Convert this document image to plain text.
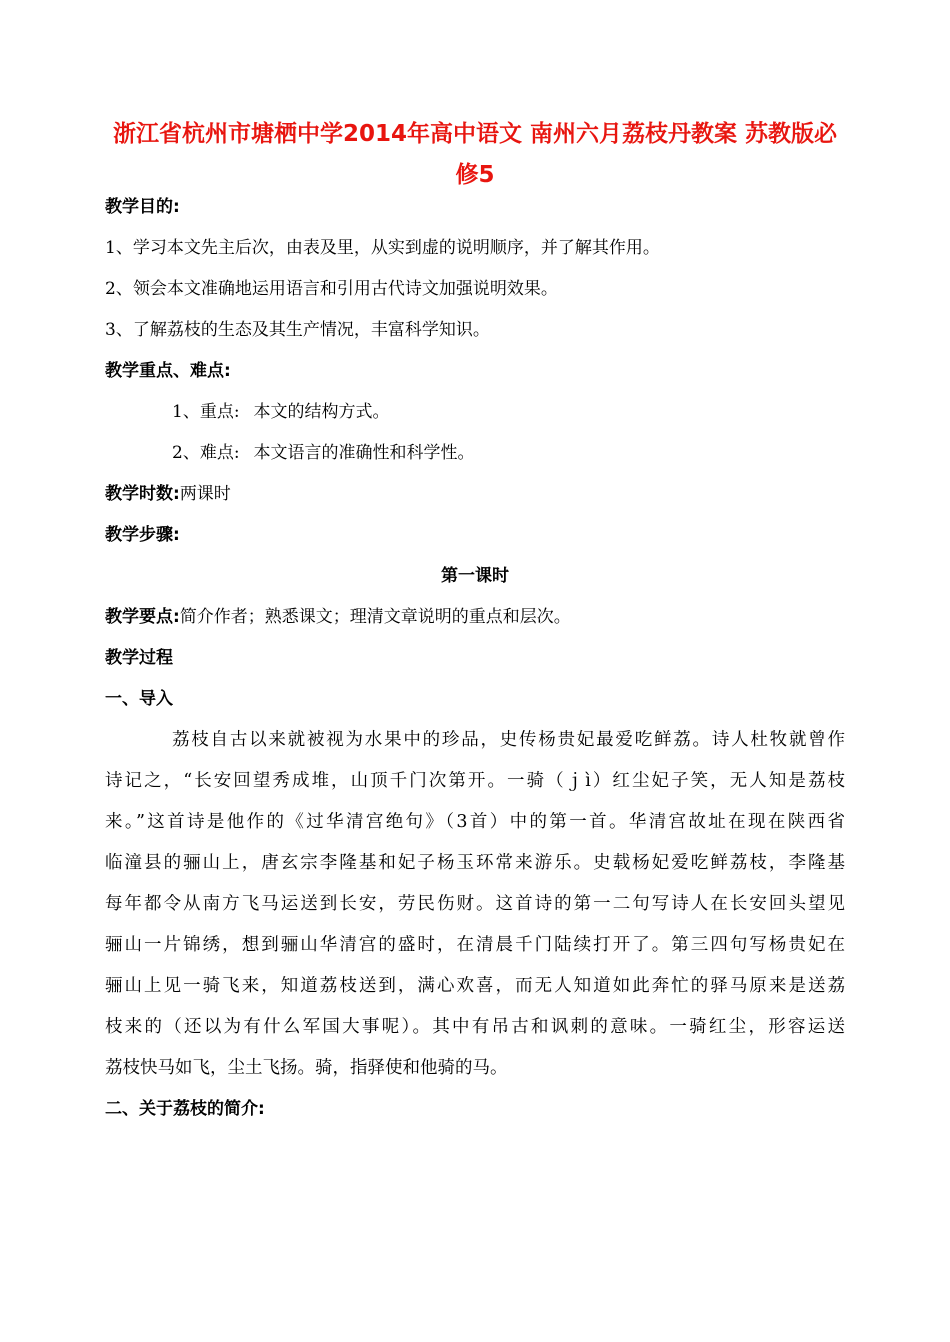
浙江省杭州市塘栖中学2014年高中语文 南州六月荔枝丹教案 苏教版必修5
教学目的:
1、学习本文先主后次，由表及里，从实到虚的说明顺序，并了解其作用。
2、领会本文准确地运用语言和引用古代诗文加强说明效果。
3、了解荔枝的生态及其生产情况，丰富科学知识。
教学重点、难点:
1、重点: 本文的结构方式。
2、难点: 本文语言的准确性和科学性。
教学时数:两课时
教学步骤:
第一课时
教学要点:简介作者；熟悉课文；理清文章说明的重点和层次。
教学过程
一、导入
荔枝自古以来就被视为水果中的珍品，史传杨贵妃最爱吃鲜荔。诗人杜牧就曾作
诗记之，“长安回望秀成堆，山顶千门次第开。一骑（ｊì）红尘妃子笑，无人知是荔枝
来。”这首诗是他作的《过华清宫绝句》（3首）中的第一首。华清宫故址在现在陕西省
临潼县的骊山上，唐玄宗李隆基和妃子杨玉环常来游乐。史载杨妃爱吃鲜荔枝，李隆基
每年都令从南方飞马运送到长安，劳民伤财。这首诗的第一二句写诗人在长安回头望见
骊山一片锦绣，想到骊山华清宫的盛时，在清晨千门陆续打开了。第三四句写杨贵妃在
骊山上见一骑飞来，知道荔枝送到，满心欢喜，而无人知道如此奔忙的驿马原来是送荔
枝来的（还以为有什么军国大事呢）。其中有吊古和讽刺的意味。一骑红尘，形容运送
荔枝快马如飞，尘土飞扬。骑，指驿使和他骑的马。
二、关于荔枝的简介:
